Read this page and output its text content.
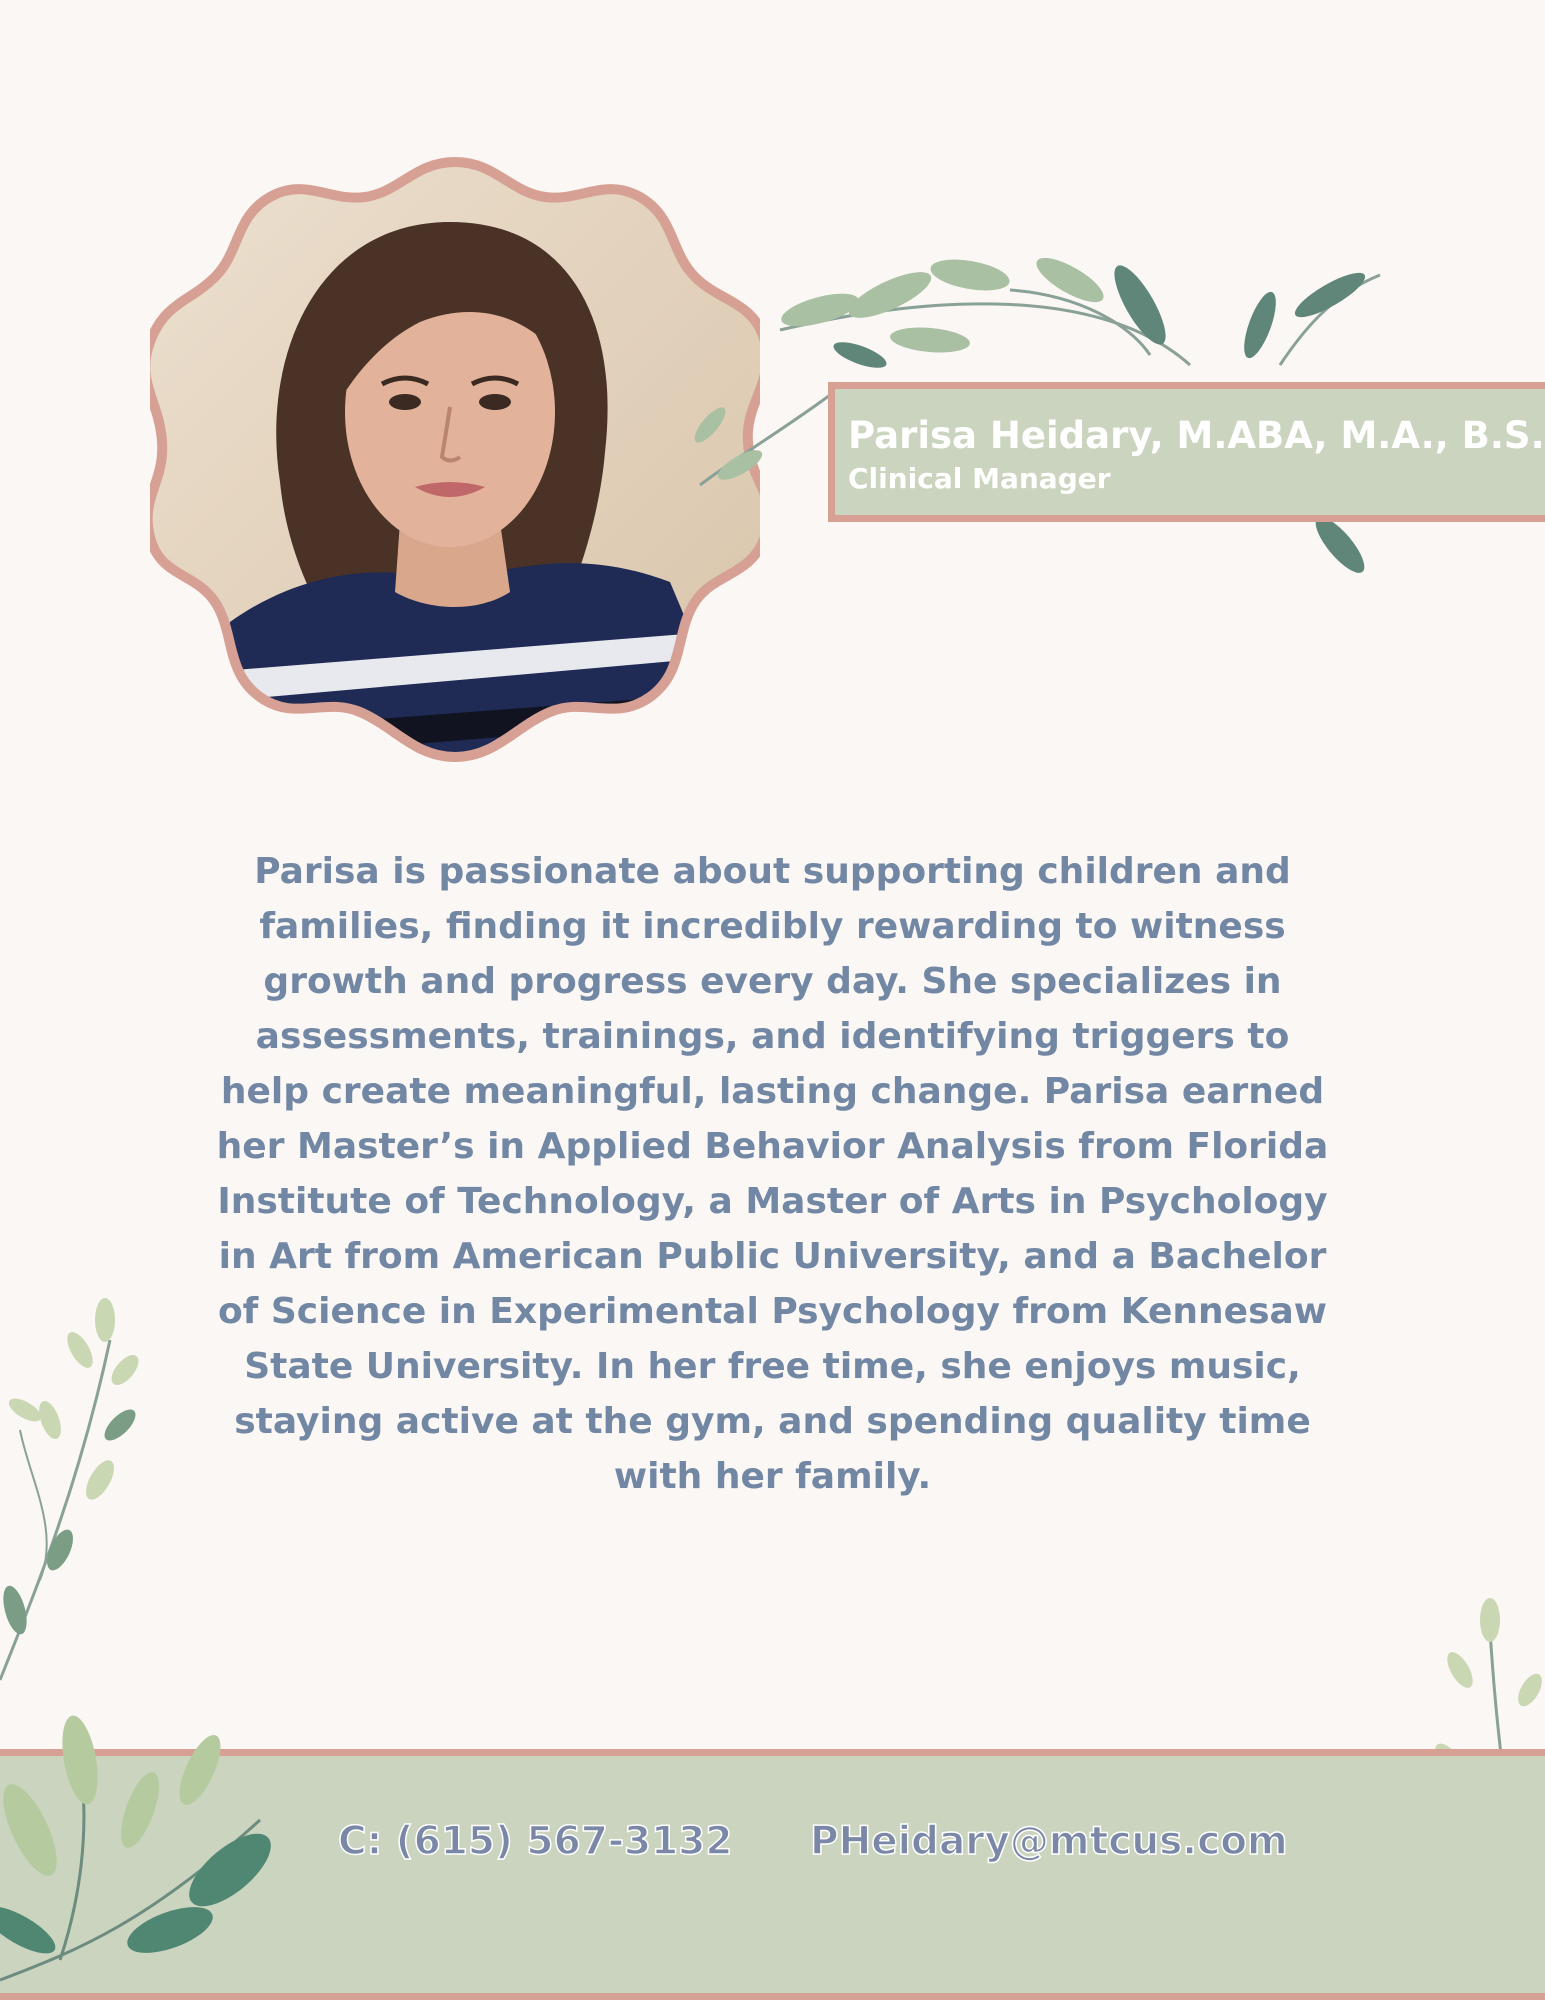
Parisa Heidary, M.ABA, M.A., B.S.
Clinical Manager

Parisa is passionate about supporting children and families, finding it incredibly rewarding to witness growth and progress every day. She specializes in assessments, trainings, and identifying triggers to help create meaningful, lasting change. Parisa earned her Master’s in Applied Behavior Analysis from Florida Institute of Technology, a Master of Arts in Psychology in Art from American Public University, and a Bachelor of Science in Experimental Psychology from Kennesaw State University. In her free time, she enjoys music, staying active at the gym, and spending quality time with her family.

C: (615) 567-3132 PHeidary@mtcus.com
